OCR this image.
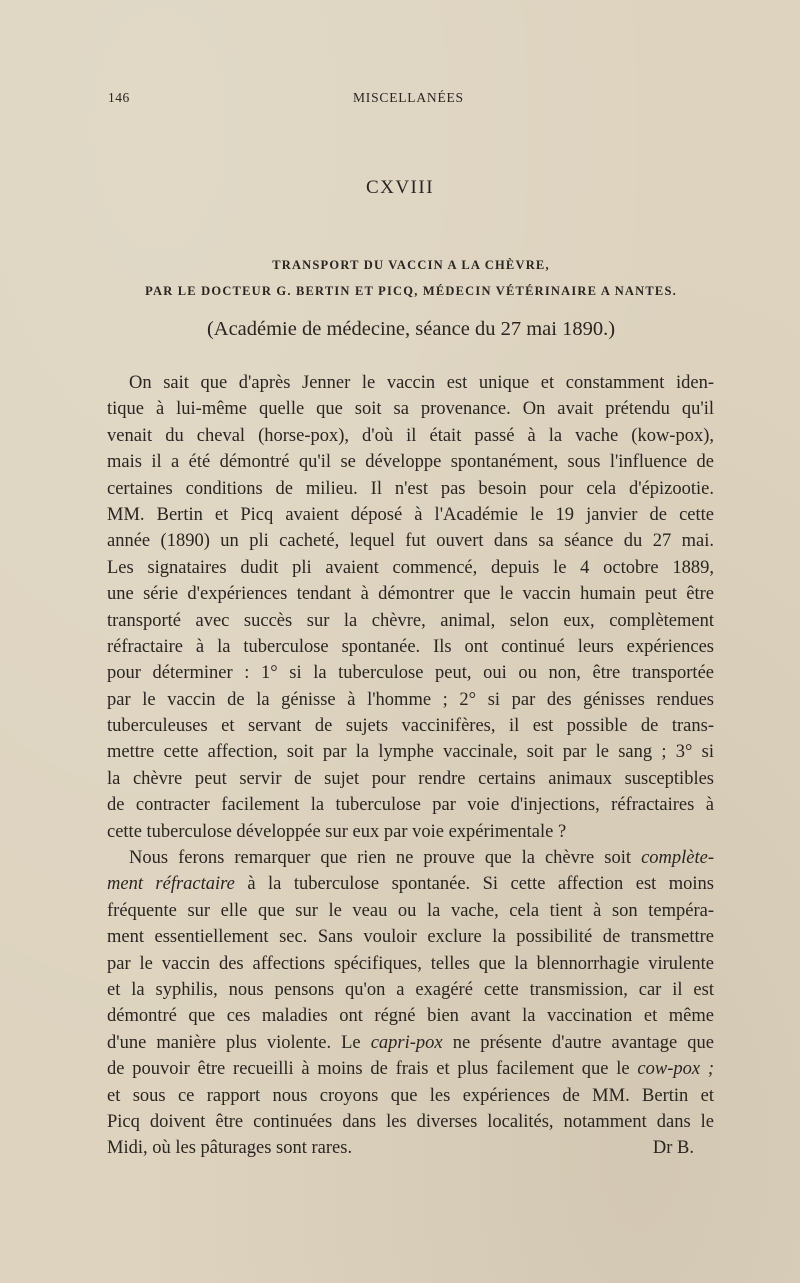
146	MISCELLANÉES
CXVIII
TRANSPORT DU VACCIN A LA CHÈVRE,
PAR LE DOCTEUR G. BERTIN ET PICQ, MÉDECIN VÉTÉRINAIRE A NANTES.
(Académie de médecine, séance du 27 mai 1890.)
On sait que d'après Jenner le vaccin est unique et constamment iden-
tique à lui-même quelle que soit sa provenance. On avait prétendu qu'il
venait du cheval (horse-pox), d'où il était passé à la vache (kow-pox),
mais il a été démontré qu'il se développe spontanément, sous l'influence de
certaines conditions de milieu. Il n'est pas besoin pour cela d'épizootie.
MM. Bertin et Picq avaient déposé à l'Académie le 19 janvier de cette
année (1890) un pli cacheté, lequel fut ouvert dans sa séance du 27 mai.
Les signataires dudit pli avaient commencé, depuis le 4 octobre 1889,
une série d'expériences tendant à démontrer que le vaccin humain peut être
transporté avec succès sur la chèvre, animal, selon eux, complètement
réfractaire à la tuberculose spontanée. Ils ont continué leurs expériences
pour déterminer : 1° si la tuberculose peut, oui ou non, être transportée
par le vaccin de la génisse à l'homme ; 2° si par des génisses rendues
tuberculeuses et servant de sujets vaccinifères, il est possible de trans-
mettre cette affection, soit par la lymphe vaccinale, soit par le sang ; 3° si
la chèvre peut servir de sujet pour rendre certains animaux susceptibles
de contracter facilement la tuberculose par voie d'injections, réfractaires à
cette tuberculose développée sur eux par voie expérimentale ?
Nous ferons remarquer que rien ne prouve que la chèvre soit complète-
ment réfractaire à la tuberculose spontanée. Si cette affection est moins
fréquente sur elle que sur le veau ou la vache, cela tient à son tempéra-
ment essentiellement sec. Sans vouloir exclure la possibilité de transmettre
par le vaccin des affections spécifiques, telles que la blennorrhagie virulente
et la syphilis, nous pensons qu'on a exagéré cette transmission, car il est
démontré que ces maladies ont régné bien avant la vaccination et même
d'une manière plus violente. Le capri-pox ne présente d'autre avantage que
de pouvoir être recueilli à moins de frais et plus facilement que le cow-pox ;
et sous ce rapport nous croyons que les expériences de MM. Bertin et
Picq doivent être continuées dans les diverses localités, notamment dans le
Midi, où les pâturages sont rares.	Dr B.
